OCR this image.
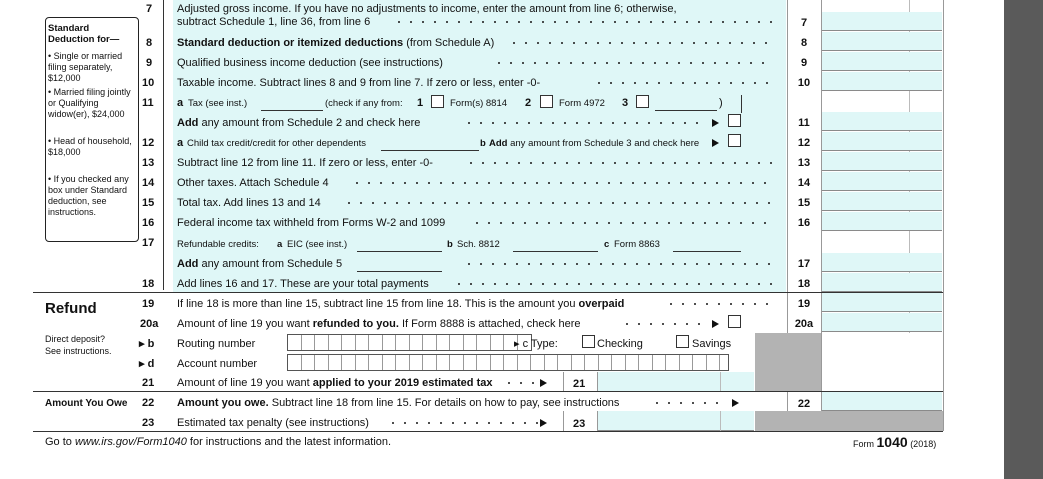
Standard Deduction for—
• Single or married filing separately, $12,000
• Married filing jointly or Qualifying widow(er), $24,000
• Head of household, $18,000
• If you checked any box under Standard deduction, see instructions.
7 Adjusted gross income. If you have no adjustments to income, enter the amount from line 6; otherwise,
subtract Schedule 1, line 36, from line 6	7
8 Standard deduction or itemized deductions (from Schedule A)	8
9 Qualified business income deduction (see instructions)	9
10 Taxable income. Subtract lines 8 and 9 from line 7. If zero or less, enter -0-	10
11 a Tax (see inst.)	(check if any from: 1	Form(s) 8814 2	Form 4972 3	)
Add any amount from Schedule 2 and check here	11
12 a Child tax credit/credit for other dependents	b Add any amount from Schedule 3 and check here	12
13 Subtract line 12 from line 11. If zero or less, enter -0-	13
14 Other taxes. Attach Schedule 4	14
15 Total tax. Add lines 13 and 14	15
16 Federal income tax withheld from Forms W-2 and 1099	16
17 Refundable credits: a EIC (see inst.)	b Sch. 8812	c Form 8863
Add any amount from Schedule 5	17
18 Add lines 16 and 17. These are your total payments	18
Refund
Direct deposit?
See instructions.
19 If line 18 is more than line 15, subtract line 15 from line 18. This is the amount you overpaid	19
20a Amount of line 19 you want refunded to you. If Form 8888 is attached, check here	20a
▸ b Routing number	▸ c Type:	Checking	Savings
▸ d Account number
21 Amount of line 19 you want applied to your 2019 estimated tax	21
Amount You Owe 22 Amount you owe. Subtract line 18 from line 15. For details on how to pay, see instructions	22
23 Estimated tax penalty (see instructions)	23
Go to www.irs.gov/Form1040 for instructions and the latest information.	Form 1040 (2018)
